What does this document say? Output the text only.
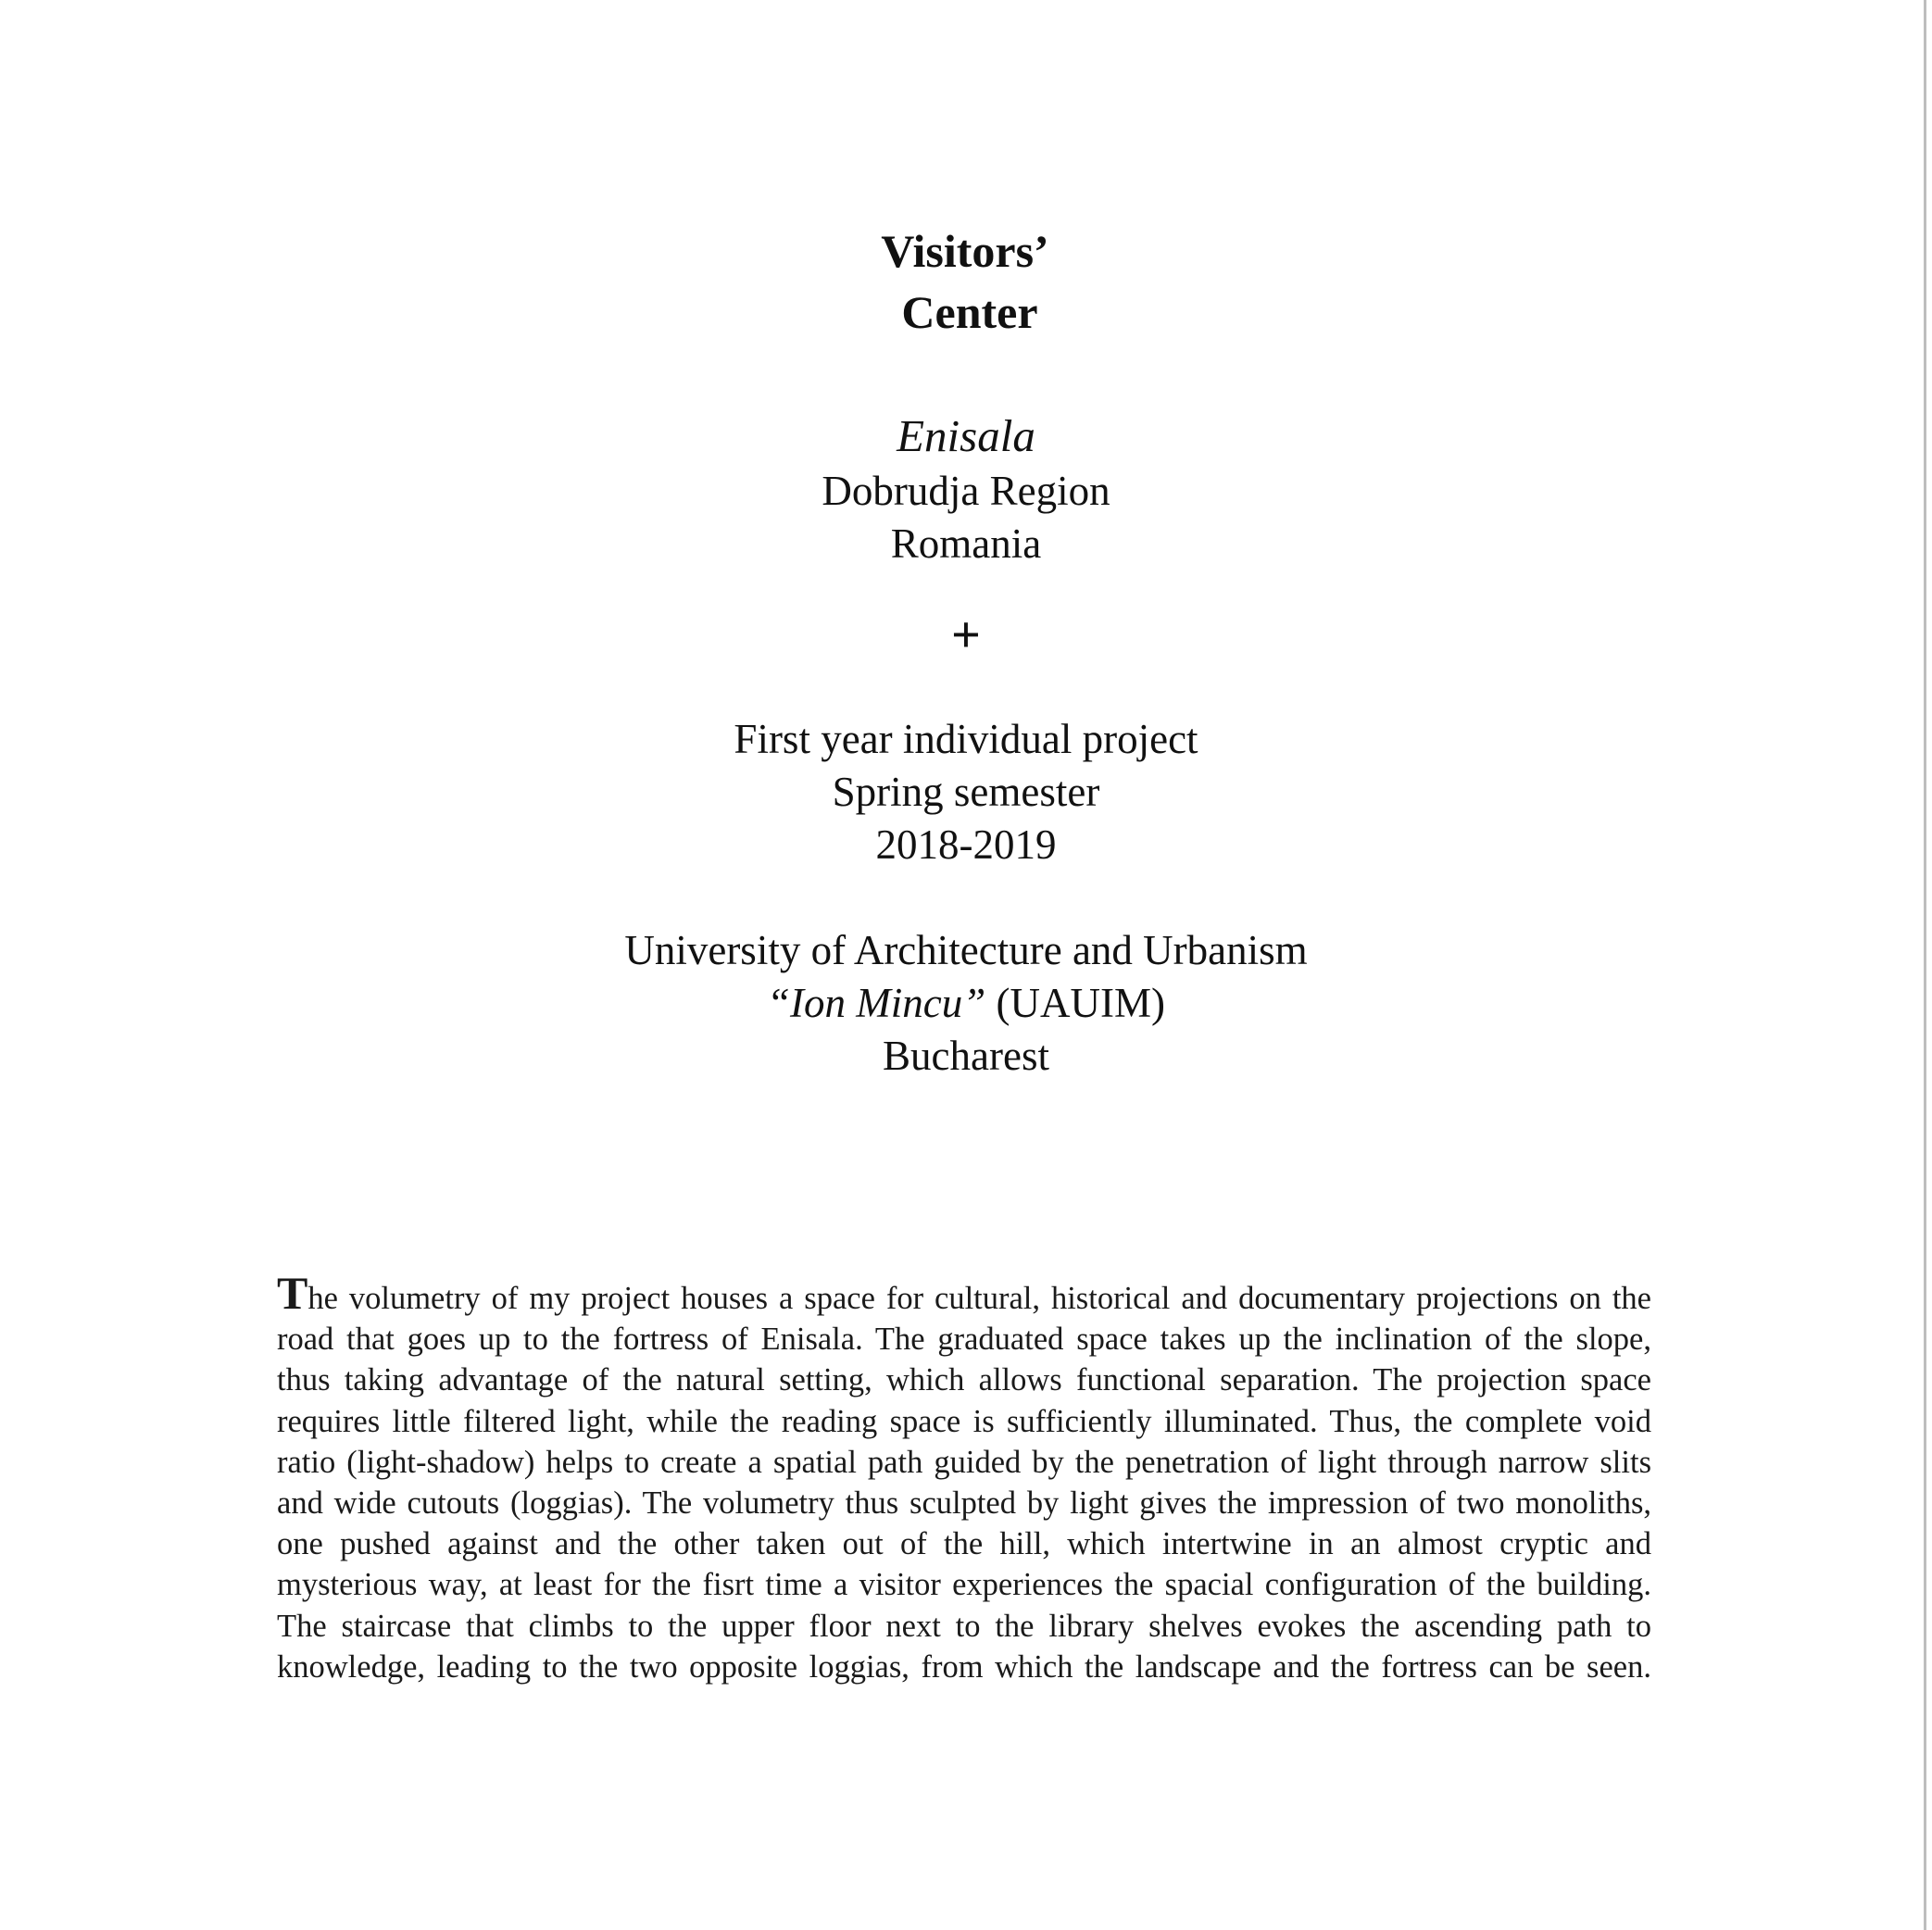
Visitors’
Center
Enisala
Dobrudja Region
Romania
+
First year individual project
Spring semester
2018-2019
University of Architecture and Urbanism
“Ion Mincu” (UAUIM)
Bucharest
The volumetry of my project houses a space for cultural, historical and documentary projections on the
road that goes up to the fortress of Enisala. The graduated space takes up the inclination of the slope,
thus taking advantage of the natural setting, which allows functional separation. The projection space
requires little filtered light, while the reading space is sufficiently illuminated. Thus, the complete void
ratio (light-shadow) helps to create a spatial path guided by the penetration of light through narrow slits
and wide cutouts (loggias). The volumetry thus sculpted by light gives the impression of two monoliths,
one pushed against and the other taken out of the hill, which intertwine in an almost cryptic and
mysterious way, at least for the fisrt time a visitor experiences the spacial configuration of the building.
The staircase that climbs to the upper floor next to the library shelves evokes the ascending path to
knowledge, leading to the two opposite loggias, from which the landscape and the fortress can be seen.
